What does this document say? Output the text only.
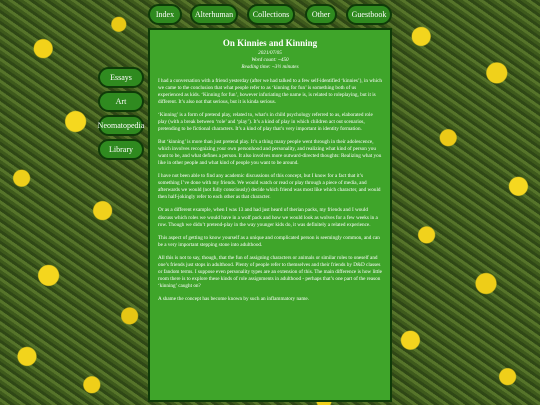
Index	Alterhuman	Collections	Other	Guestbook
Essays
Art
Neomatopedia
Library
On Kinnies and Kinning
2021/07/05
Word count: ~450
Reading time: ~3½ minutes

I had a conversation with a friend yesterday (after we had talked to a few self-identified ‘kinnies’), in which we came to the conclusion that what people refer to as ‘kinning for fun’ is something both of us experienced as kids. ‘Kinning for fun’, however infuriating the name is, is related to roleplaying, but it is different. It’s also not that serious, but it is kinda serious.

‘Kinning’ is a form of pretend play, related to, what’s in child psychology referred to as, elaborated role play (with a break between ‘role’ and ‘play’). It’s a kind of play in which children act out scenarios, pretending to be fictional characters. It’s a kind of play that’s very important in identity formation.

But ‘kinning’ is more than just pretend play. It’s a thing many people went through in their adolescence, which involves recognizing your own personhood and personality, and realizing what kind of person you want to be, and what defines a person. It also involves more outward-directed thoughts: Realizing what you like in other people and what kind of people you want to be around.

I have not been able to find any academic discussions of this concept, but I know for a fact that it’s something I’ve done with my friends. We would watch or read or play through a piece of media, and afterwards we would (not fully consciously) decide which friend was most like which character, and would then half-jokingly refer to each other as that character.

Or as a different example, when I was 13 and had just heard of therian packs, my friends and I would discuss which roles we would have in a wolf pack and how we would look as wolves for a few weeks in a row. Though we didn’t pretend-play in the way younger kids do, it was definitely a related experience.

This aspect of getting to know yourself as a unique and complicated person is seemingly common, and can be a very important stepping stone into adulthood.

All this is not to say, though, that the fun of assigning characters or animals or similar roles to oneself and one’s friends just stops in adulthood. Plenty of people refer to themselves and their friends by D&D classes or fandom terms. I suppose even personality types are an extension of this. The main difference is how little room there is to explore these kinds of role assignments in adulthood - perhaps that’s one part of the reason ‘kinning’ caught on?

A shame the concept has become known by such an inflammatory name.
